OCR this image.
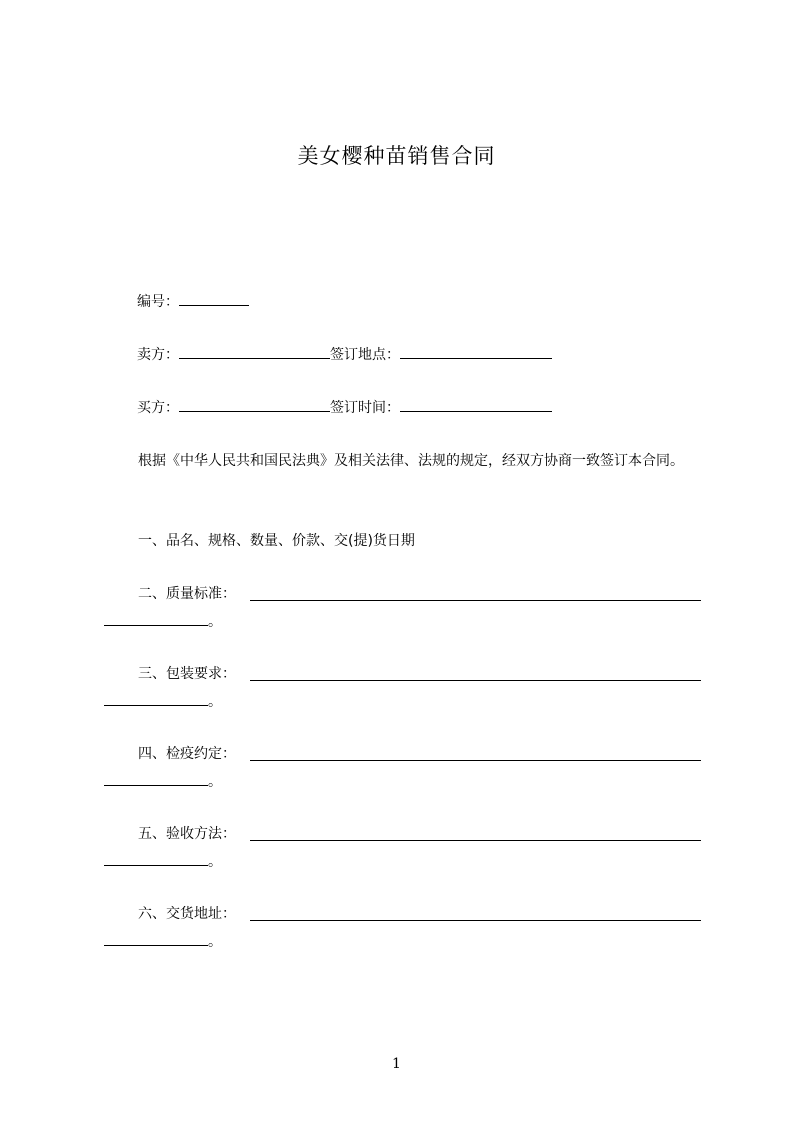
美女樱种苗销售合同
编号：
卖方：	签订地点：
买方：	签订时间：
根据《中华人民共和国民法典》及相关法律、法规的规定，经双方协商一致签订本合同。
一、品名、规格、数量、价款、交(提)货日期
二、质量标准：
。
三、包装要求：
。
四、检疫约定：
。
五、验收方法：
。
六、交货地址：
。
1
